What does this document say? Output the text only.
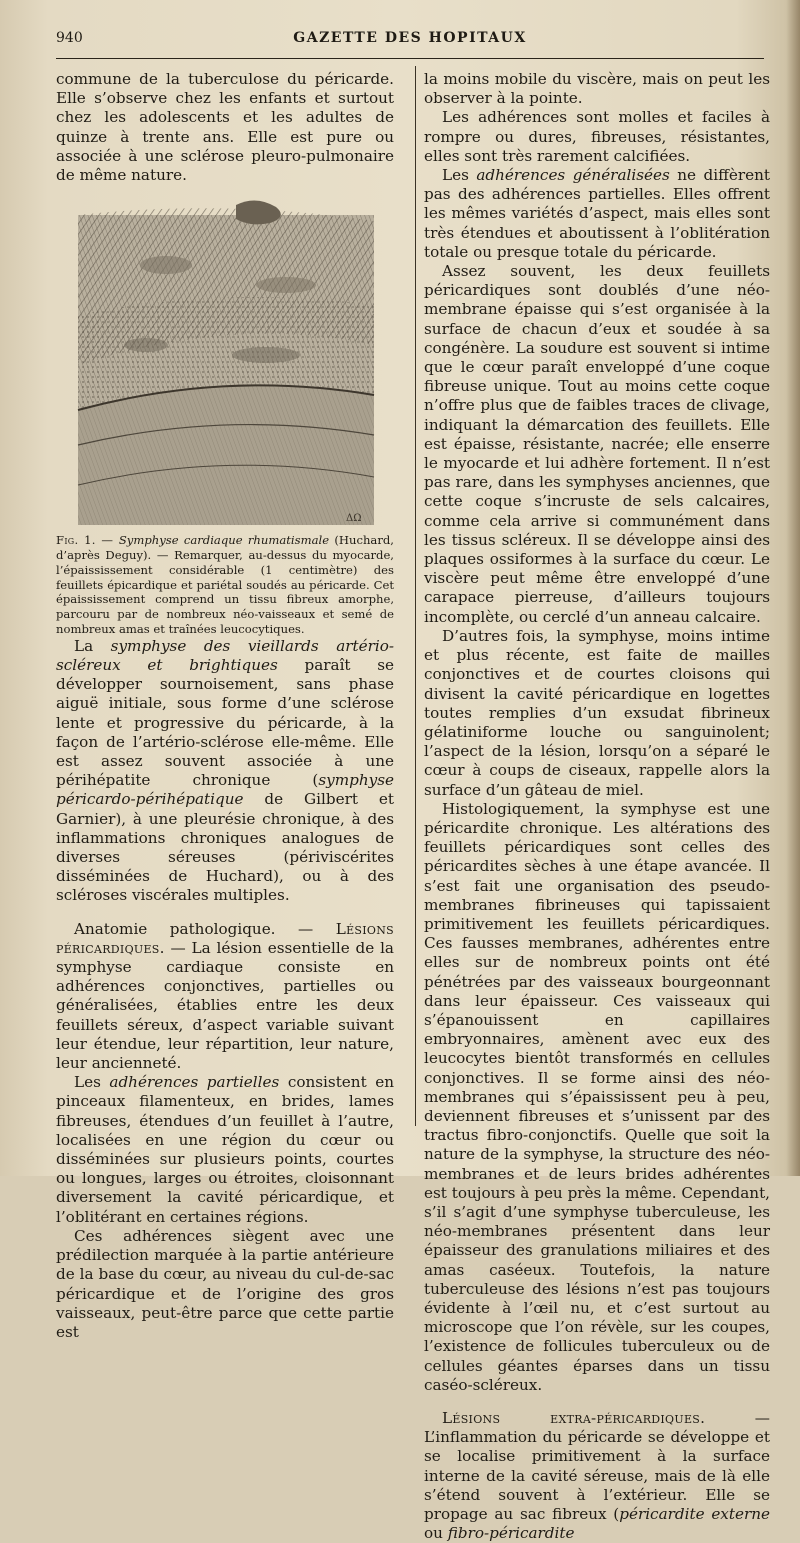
940	GAZETTE DES HOPITAUX

commune de la tuberculose du péricarde. Elle s’observe chez les enfants et surtout chez les adolescents et les adultes de quinze à trente ans. Elle est pure ou associée à une sclérose pleuro-pulmonaire de même nature.

ΔΩ

Fig. 1. — Symphyse cardiaque rhumatismale (Huchard, d’après Deguy). — Remarquer, au-dessus du myocarde, l’épaississement considérable (1 centimètre) des feuillets épicardique et pariétal soudés au péricarde. Cet épaississement comprend un tissu fibreux amorphe, parcouru par de nombreux néo-vaisseaux et semé de nombreux amas et traînées leucocytiques.

La symphyse des vieillards artério-scléreux et brightiques paraît se développer sournoisement, sans phase aiguë initiale, sous forme d’une sclérose lente et progressive du péricarde, à la façon de l’artério-sclérose elle-même. Elle est assez souvent associée à une périhépatite chronique (symphyse péricardo-périhépatique de Gilbert et Garnier), à une pleurésie chronique, à des inflammations chroniques analogues de diverses séreuses (périviscérites disséminées de Huchard), ou à des scléroses viscérales multiples.

Anatomie pathologique. — Lésions péricardiques. — La lésion essentielle de la symphyse cardiaque consiste en adhérences conjonctives, partielles ou généralisées, établies entre les deux feuillets séreux, d’aspect variable suivant leur étendue, leur répartition, leur nature, leur ancienneté.

Les adhérences partielles consistent en pinceaux filamenteux, en brides, lames fibreuses, étendues d’un feuillet à l’autre, localisées en une région du cœur ou disséminées sur plusieurs points, courtes ou longues, larges ou étroites, cloisonnant diversement la cavité péricardique, et l’oblitérant en certaines régions.

Ces adhérences siègent avec une prédilection marquée à la partie antérieure de la base du cœur, au niveau du cul-de-sac péricardique et de l’origine des gros vaisseaux, peut-être parce que cette partie est

la moins mobile du viscère, mais on peut les observer à la pointe.

Les adhérences sont molles et faciles à rompre ou dures, fibreuses, résistantes, elles sont très rarement calcifiées.

Les adhérences généralisées ne diffèrent pas des adhérences partielles. Elles offrent les mêmes variétés d’aspect, mais elles sont très étendues et aboutissent à l’oblitération totale ou presque totale du péricarde.

Assez souvent, les deux feuillets péricardiques sont doublés d’une néo-membrane épaisse qui s’est organisée à la surface de chacun d’eux et soudée à sa congénère. La soudure est souvent si intime que le cœur paraît enveloppé d’une coque fibreuse unique. Tout au moins cette coque n’offre plus que de faibles traces de clivage, indiquant la démarcation des feuillets. Elle est épaisse, résistante, nacrée; elle enserre le myocarde et lui adhère fortement. Il n’est pas rare, dans les symphyses anciennes, que cette coque s’incruste de sels calcaires, comme cela arrive si communément dans les tissus scléreux. Il se développe ainsi des plaques ossiformes à la surface du cœur. Le viscère peut même être enveloppé d’une carapace pierreuse, d’ailleurs toujours incomplète, ou cerclé d’un anneau calcaire.

D’autres fois, la symphyse, moins intime et plus récente, est faite de mailles conjonctives et de courtes cloisons qui divisent la cavité péricardique en logettes toutes remplies d’un exsudat fibrineux gélatiniforme louche ou sanguinolent; l’aspect de la lésion, lorsqu’on a séparé le cœur à coups de ciseaux, rappelle alors la surface d’un gâteau de miel.

Histologiquement, la symphyse est une péricardite chronique. Les altérations des feuillets péricardiques sont celles des péricardites sèches à une étape avancée. Il s’est fait une organisation des pseudo-membranes fibrineuses qui tapissaient primitivement les feuillets péricardiques. Ces fausses membranes, adhérentes entre elles sur de nombreux points ont été pénétrées par des vaisseaux bourgeonnant dans leur épaisseur. Ces vaisseaux qui s’épanouissent en capillaires embryonnaires, amènent avec eux des leucocytes bientôt transformés en cellules conjonctives. Il se forme ainsi des néo-membranes qui s’épaississent peu à peu, deviennent fibreuses et s’unissent par des tractus fibro-conjonctifs. Quelle que soit la nature de la symphyse, la structure des néo-membranes et de leurs brides adhérentes est toujours à peu près la même. Cependant, s’il s’agit d’une symphyse tuberculeuse, les néo-membranes présentent dans leur épaisseur des granulations miliaires et des amas caséeux. Toutefois, la nature tuberculeuse des lésions n’est pas toujours évidente à l’œil nu, et c’est surtout au microscope que l’on révèle, sur les coupes, l’existence de follicules tuberculeux ou de cellules géantes éparses dans un tissu caséo-scléreux.

Lésions extra-péricardiques. — L’inflammation du péricarde se développe et se localise primitivement à la surface interne de la cavité séreuse, mais de là elle s’étend souvent à l’extérieur. Elle se propage au sac fibreux (péricardite externe ou fibro-péricardite
